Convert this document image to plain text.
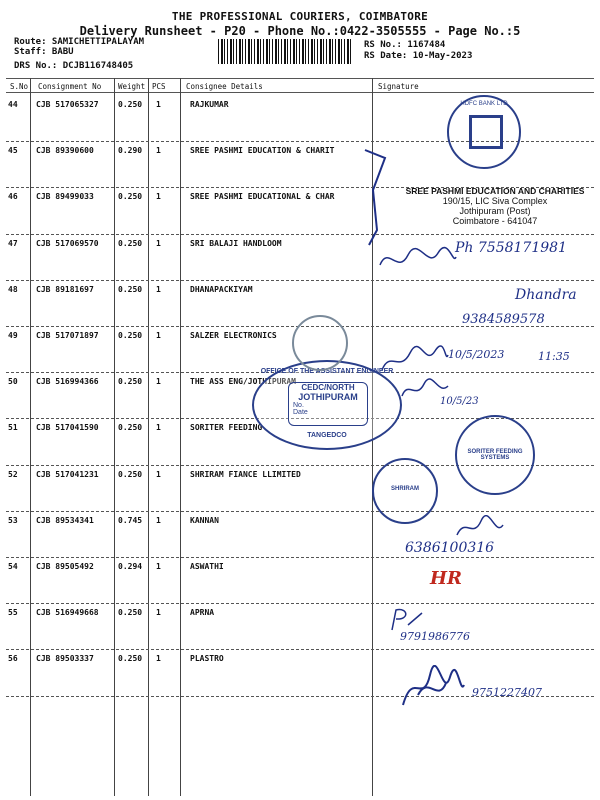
THE PROFESSIONAL COURIERS, COIMBATORE
Delivery Runsheet - P20 - Phone No.:0422-3505555 - Page No.:5
Route: SAMICHETTIPALAYAM
Staff: BABU
DRS No.: DCJB116748405
RS No.: 1167484
RS Date: 10-May-2023
S.No Consignment No Weight PCS	Consignee Details	Signature
44 CJB 517065327 0.250 1	RAJKUMAR
45 CJB 89390600	0.290 1	SREE PASHMI EDUCATION & CHARIT
46 CJB 89499033	0.250 1	SREE PASHMI EDUCATIONAL & CHAR
47 CJB 517069570 0.250 1	SRI BALAJI HANDLOOM
48 CJB 89181697	0.250 1	DHANAPACKIYAM
49 CJB 517071897 0.250 1	SALZER ELECTRONICS
50 CJB 516994366 0.250 1	THE ASS ENG/JOTHIPURAM
51 CJB 517041590 0.250 1	SORITER FEEDING
52 CJB 517041231 0.250 1	SHRIRAM FIANCE LLIMITED
53 CJB 89534341	0.745 1	KANNAN
54 CJB 89505492	0.294 1	ASWATHI
55 CJB 516949668 0.250 1	APRNA
56 CJB 89503337	0.250 1	PLASTRO
HDFC BANK LTD
SREE PASHMI EDUCATION AND CHARITIES
190/15, LIC Siva Complex
Jothipuram (Post)
Coimbatore - 641047
OFFICE OF THE ASSISTANT ENGINEER
CEDC/NORTH
JOTHIPURAM
No.
Date
TANGEDCO
SORITER FEEDING SYSTEMS
SHRIRAM
Ph 7558171981
Dhandra
9384589578
10/5/2023	11:35
10/5/23
6386100316
HR
9791986776
9751227407
